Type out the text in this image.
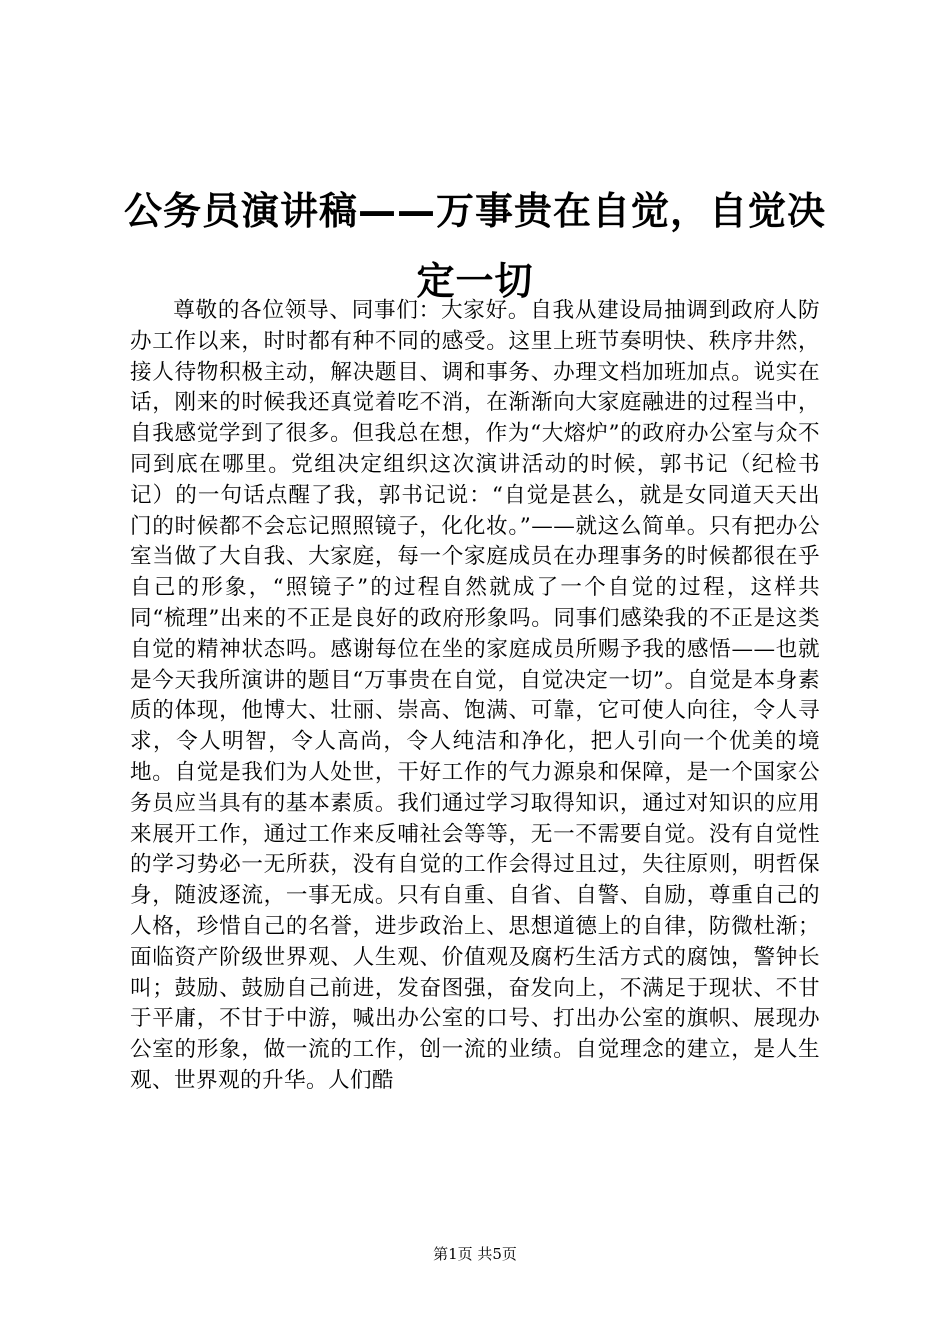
公务员演讲稿——万事贵在自觉，自觉决定一切

尊敬的各位领导、同事们：大家好。自我从建设局抽调到政府人防办工作以来，时时都有种不同的感受。这里上班节奏明快、秩序井然，接人待物积极主动，解决题目、调和事务、办理文档加班加点。说实在话，刚来的时候我还真觉着吃不消，在渐渐向大家庭融进的过程当中，自我感觉学到了很多。但我总在想，作为“大熔炉”的政府办公室与众不同到底在哪里。党组决定组织这次演讲活动的时候，郭书记（纪检书记）的一句话点醒了我，郭书记说：“自觉是甚么，就是女同道天天出门的时候都不会忘记照照镜子，化化妆。”——就这么简单。只有把办公室当做了大自我、大家庭，每一个家庭成员在办理事务的时候都很在乎自己的形象，“照镜子”的过程自然就成了一个自觉的过程，这样共同“梳理”出来的不正是良好的政府形象吗。同事们感染我的不正是这类自觉的精神状态吗。感谢每位在坐的家庭成员所赐予我的感悟——也就是今天我所演讲的题目“万事贵在自觉，自觉决定一切”。自觉是本身素质的体现，他博大、壮丽、崇高、饱满、可靠，它可使人向往，令人寻求，令人明智，令人高尚，令人纯洁和净化，把人引向一个优美的境地。自觉是我们为人处世，干好工作的气力源泉和保障，是一个国家公务员应当具有的基本素质。我们通过学习取得知识，通过对知识的应用来展开工作，通过工作来反哺社会等等，无一不需要自觉。没有自觉性的学习势必一无所获，没有自觉的工作会得过且过，失往原则，明哲保身，随波逐流，一事无成。只有自重、自省、自警、自励，尊重自己的人格，珍惜自己的名誉，进步政治上、思想道德上的自律，防微杜渐；面临资产阶级世界观、人生观、价值观及腐朽生活方式的腐蚀，警钟长叫；鼓励、鼓励自己前进，发奋图强，奋发向上，不满足于现状、不甘于平庸，不甘于中游，喊出办公室的口号、打出办公室的旗帜、展现办公室的形象，做一流的工作，创一流的业绩。自觉理念的建立，是人生观、世界观的升华。人们酷

第1页 共5页
